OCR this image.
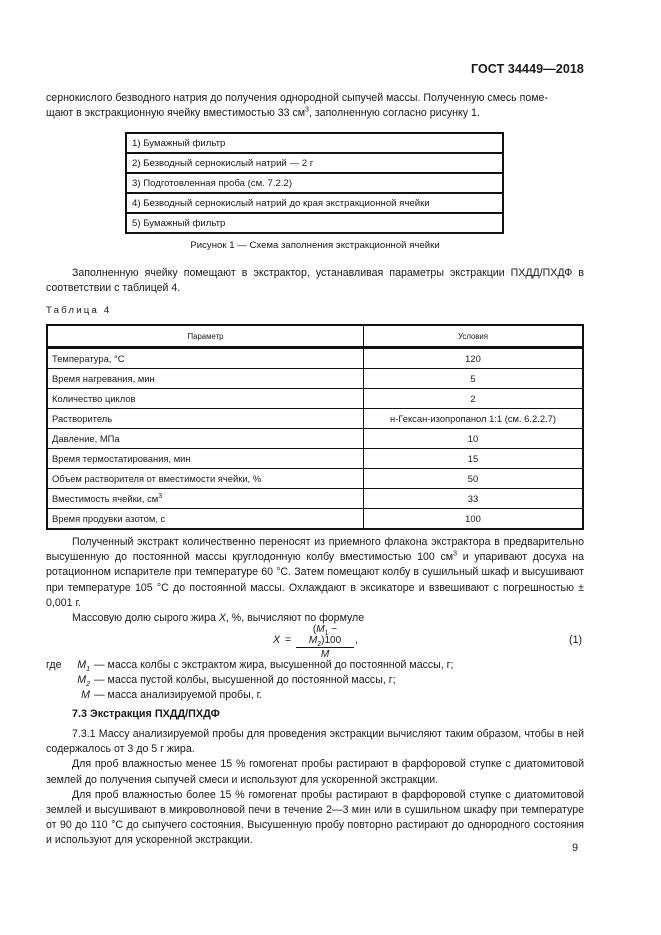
ГОСТ 34449—2018

сернокислого безводного натрия до получения однородной сыпучей массы. Полученную смесь поме-

щают в экстракционную ячейку вместимостью 33 $см^3$, заполненную согласно рисунку 1.

1) Бумажный фильтр
2) Безводный сернокислый натрий — 2 г
3) Подготовленная проба (см. 7.2.2)
4) Безводный сернокислый натрий до края экстракционной ячейки
5) Бумажный фильтр
Рисунок 1 — Схема заполнения экстракционной ячейки

Заполненную ячейку помещают в экстрактор, устанавливая параметры экстракции ПХДД/ПХДФ в соответствии с таблицей 4.

Таблица 4
Параметр	Условия
Температура, °С	120
Время нагревания, мин	5
Количество циклов	2
Растворитель	н-Гексан-изопропанол 1:1 (см. 6.2.2.7)
Давление, МПа	10
Время термостатирования, мин	15
Объем растворителя от вместимости ячейки, %	50
Вместимость ячейки, $см^3$	33
Время продувки азотом, с	100

Полученный экстракт количественно переносят из приемного флакона экстрактора в предварительно высушенную до постоянной массы круглодонную колбу вместимостью 100 $см^3$ и упаривают досуха на ротационном испарителе при температуре 60 °С. Затем помещают колбу в сушильный шкаф и высушивают при температуре 105 °С до постоянной массы. Охлаждают в эксикаторе и взвешивают с погрешностью ± 0,001 г.

Массовую долю сырого жира X, %, вычисляют по формуле

$X = \frac{(M_1 - M_2)100}{M}$ ,	(1)
где	$M_1$ — масса колбы с экстрактом жира, высушенной до постоянной массы, г;
$M_2$ — масса пустой колбы, высушенной до постоянной массы, г;
M — масса анализируемой пробы, г.
7.3 Экстракция ПХДД/ПХДФ

7.3.1 Массу анализируемой пробы для проведения экстракции вычисляют таким образом, чтобы в ней содержалось от 3 до 5 г жира.

Для проб влажностью менее 15 % гомогенат пробы растирают в фарфоровой ступке с диатомитовой землей до получения сыпучей смеси и используют для ускоренной экстракции.

Для проб влажностью более 15 % гомогенат пробы растирают в фарфоровой ступке с диатомитовой землей и высушивают в микроволновой печи в течение 2—3 мин или в сушильном шкафу при температуре от 90 до 110 °С до сыпучего состояния. Высушенную пробу повторно растирают до однородного состояния и используют для ускоренной экстракции.

9
